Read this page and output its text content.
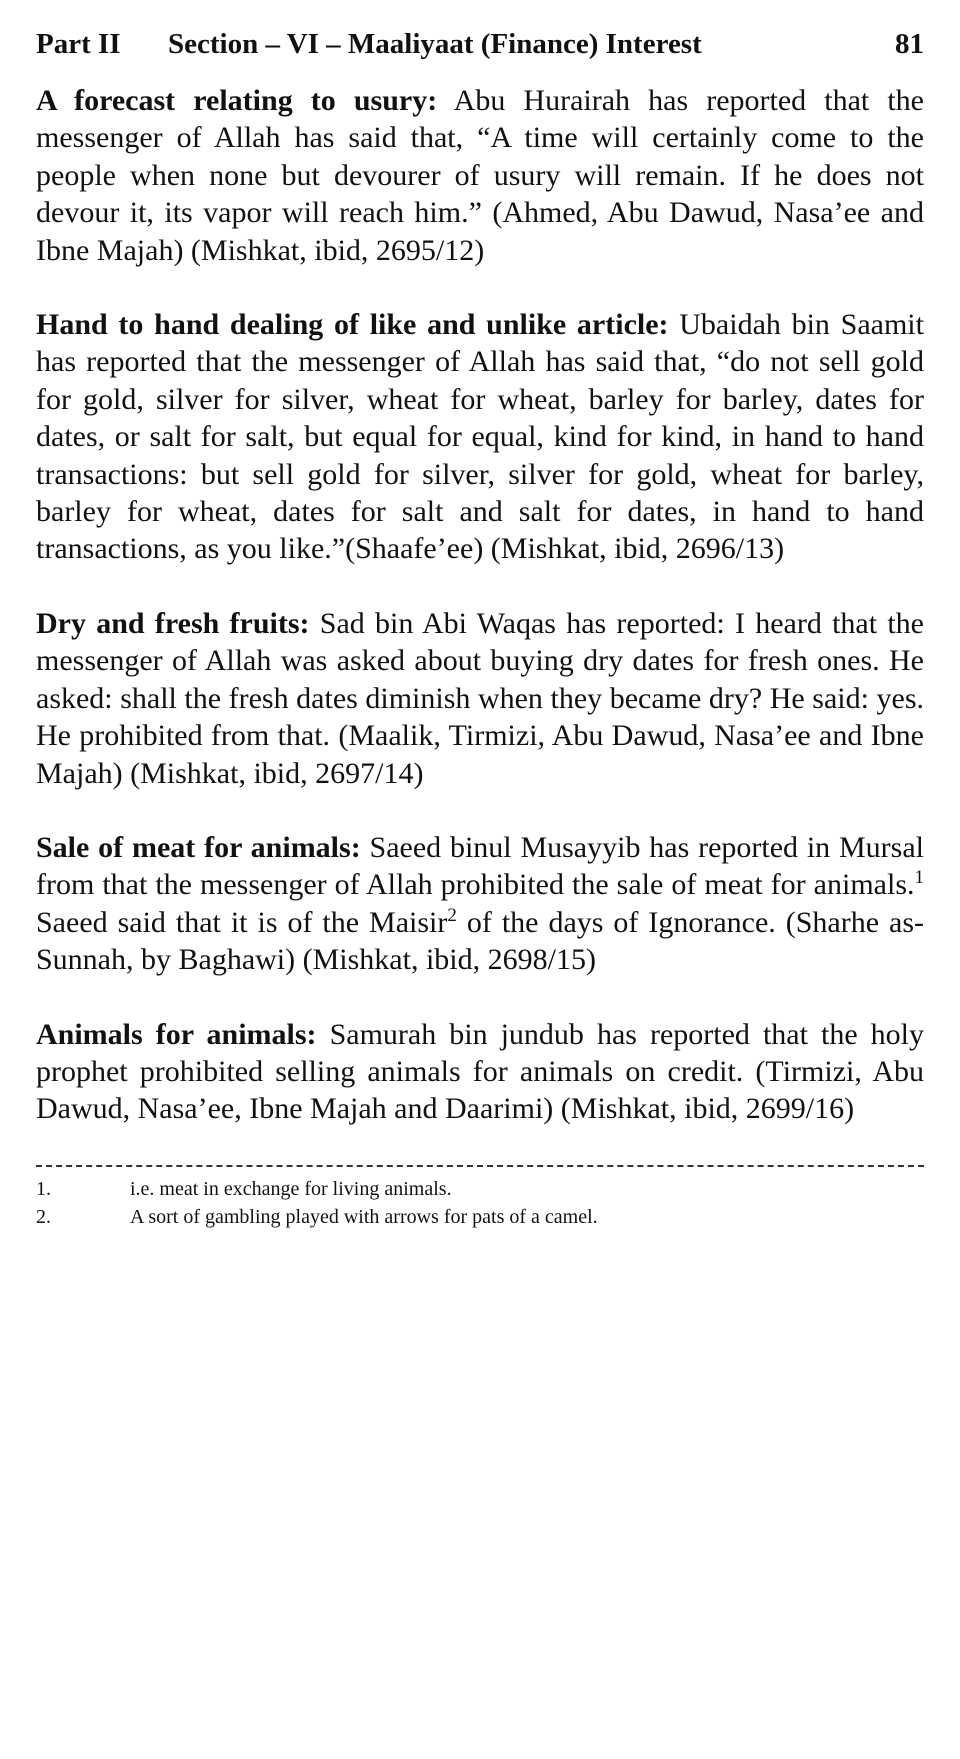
Part II	Section – VI – Maaliyaat (Finance) Interest	81

A forecast relating to usury: Abu Hurairah has reported that the messenger of Allah has said that, “A time will certainly come to the people when none but devourer of usury will remain. If he does not devour it, its vapor will reach him.” (Ahmed, Abu Dawud, Nasa’ee and Ibne Majah) (Mishkat, ibid, 2695/12)

Hand to hand dealing of like and unlike article: Ubaidah bin Saamit has reported that the messenger of Allah has said that, “do not sell gold for gold, silver for silver, wheat for wheat, barley for barley, dates for dates, or salt for salt, but equal for equal, kind for kind, in hand to hand transactions: but sell gold for silver, silver for gold, wheat for barley, barley for wheat, dates for salt and salt for dates, in hand to hand transactions, as you like.”(Shaafe’ee) (Mishkat, ibid, 2696/13)

Dry and fresh fruits: Sad bin Abi Waqas has reported: I heard that the messenger of Allah was asked about buying dry dates for fresh ones. He asked: shall the fresh dates diminish when they became dry? He said: yes. He prohibited from that. (Maalik, Tirmizi, Abu Dawud, Nasa’ee and Ibne Majah) (Mishkat, ibid, 2697/14)

Sale of meat for animals: Saeed binul Musayyib has reported in Mursal from that the messenger of Allah prohibited the sale of meat for animals.$^1$ Saeed said that it is of the Maisir$^2$ of the days of Ignorance. (Sharhe as-Sunnah, by Baghawi) (Mishkat, ibid, 2698/15)

Animals for animals: Samurah bin jundub has reported that the holy prophet prohibited selling animals for animals on credit. (Tirmizi, Abu Dawud, Nasa’ee, Ibne Majah and Daarimi) (Mishkat, ibid, 2699/16)

1.	i.e. meat in exchange for living animals.
2.	A sort of gambling played with arrows for pats of a camel.
